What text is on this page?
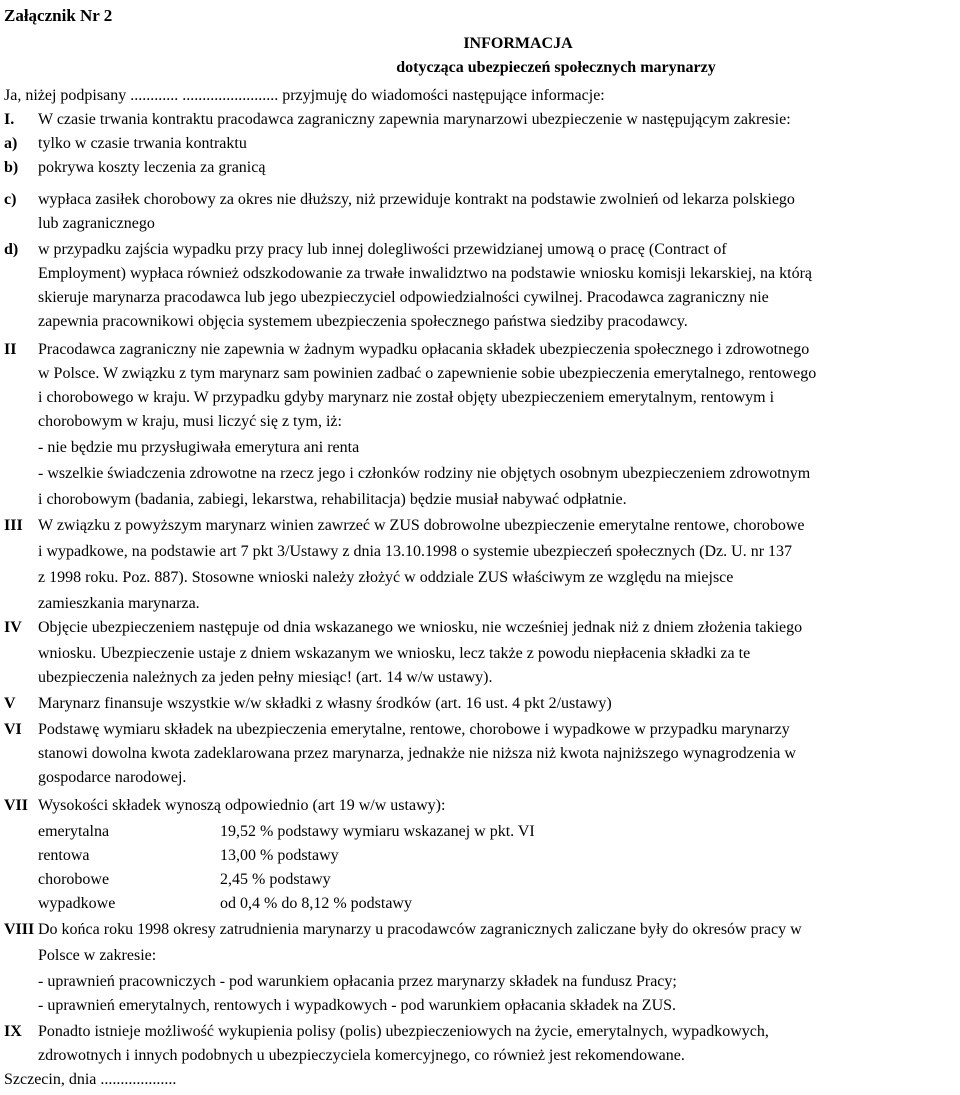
Załącznik Nr 2
INFORMACJA
dotycząca ubezpieczeń społecznych marynarzy
Ja, niżej podpisany ............ ........................ przyjmuję do wiadomości następujące informacje:
I. W czasie trwania kontraktu pracodawca zagraniczny zapewnia marynarzowi ubezpieczenie w następującym zakresie:
a) tylko w czasie trwania kontraktu
b) pokrywa koszty leczenia za granicą
c) wypłaca zasiłek chorobowy za okres nie dłuższy, niż przewiduje kontrakt na podstawie zwolnień od lekarza polskiego
lub zagranicznego
d) w przypadku zajścia wypadku przy pracy lub innej dolegliwości przewidzianej umową o pracę (Contract of
Employment) wypłaca również odszkodowanie za trwałe inwalidztwo na podstawie wniosku komisji lekarskiej, na którą
skieruje marynarza pracodawca lub jego ubezpieczyciel odpowiedzialności cywilnej. Pracodawca zagraniczny nie
zapewnia pracownikowi objęcia systemem ubezpieczenia społecznego państwa siedziby pracodawcy.
II Pracodawca zagraniczny nie zapewnia w żadnym wypadku opłacania składek ubezpieczenia społecznego i zdrowotnego
w Polsce. W związku z tym marynarz sam powinien zadbać o zapewnienie sobie ubezpieczenia emerytalnego, rentowego
i chorobowego w kraju. W przypadku gdyby marynarz nie został objęty ubezpieczeniem emerytalnym, rentowym i
chorobowym w kraju, musi liczyć się z tym, iż:
- nie będzie mu przysługiwała emerytura ani renta
- wszelkie świadczenia zdrowotne na rzecz jego i członków rodziny nie objętych osobnym ubezpieczeniem zdrowotnym
i chorobowym (badania, zabiegi, lekarstwa, rehabilitacja) będzie musiał nabywać odpłatnie.
III W związku z powyższym marynarz winien zawrzeć w ZUS dobrowolne ubezpieczenie emerytalne rentowe, chorobowe
i wypadkowe, na podstawie art 7 pkt 3/Ustawy z dnia 13.10.1998 o systemie ubezpieczeń społecznych (Dz. U. nr 137
z 1998 roku. Poz. 887). Stosowne wnioski należy złożyć w oddziale ZUS właściwym ze względu na miejsce
zamieszkania marynarza.
IV Objęcie ubezpieczeniem następuje od dnia wskazanego we wniosku, nie wcześniej jednak niż z dniem złożenia takiego
wniosku. Ubezpieczenie ustaje z dniem wskazanym we wniosku, lecz także z powodu niepłacenia składki za te
ubezpieczenia należnych za jeden pełny miesiąc! (art. 14 w/w ustawy).
V Marynarz finansuje wszystkie w/w składki z własny środków (art. 16 ust. 4 pkt 2/ustawy)
VI Podstawę wymiaru składek na ubezpieczenia emerytalne, rentowe, chorobowe i wypadkowe w przypadku marynarzy
stanowi dowolna kwota zadeklarowana przez marynarza, jednakże nie niższa niż kwota najniższego wynagrodzenia w
gospodarce narodowej.
VII Wysokości składek wynoszą odpowiednio (art 19 w/w ustawy):
emerytalna	19,52 % podstawy wymiaru wskazanej w pkt. VI
rentowa	13,00 % podstawy
chorobowe	2,45 % podstawy
wypadkowe	od 0,4 % do 8,12 % podstawy
VIII Do końca roku 1998 okresy zatrudnienia marynarzy u pracodawców zagranicznych zaliczane były do okresów pracy w
Polsce w zakresie:
- uprawnień pracowniczych - pod warunkiem opłacania przez marynarzy składek na fundusz Pracy;
- uprawnień emerytalnych, rentowych i wypadkowych - pod warunkiem opłacania składek na ZUS.
IX Ponadto istnieje możliwość wykupienia polisy (polis) ubezpieczeniowych na życie, emerytalnych, wypadkowych,
zdrowotnych i innych podobnych u ubezpieczyciela komercyjnego, co również jest rekomendowane.
Szczecin, dnia ...................
